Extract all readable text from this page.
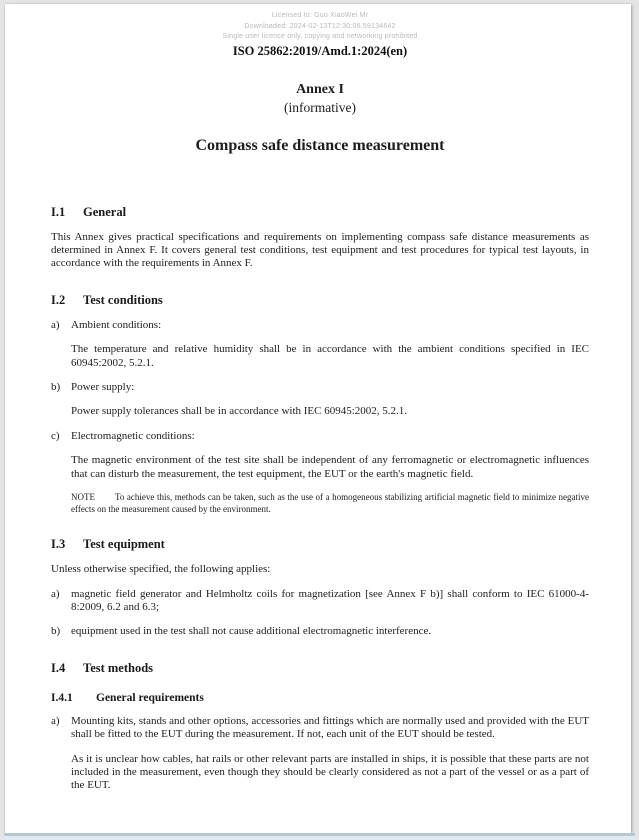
Licensed to: Guo XiaoWei Mr
Downloaded: 2024-02-13T12:30:06.59134642
Single user licence only, copying and networking prohibited
ISO 25862:2019/Amd.1:2024(en)
Annex I
(informative)
Compass safe distance measurement
I.1 General

This Annex gives practical specifications and requirements on implementing compass safe distance measurements as determined in Annex F. It covers general test conditions, test equipment and test procedures for typical test layouts, in accordance with the requirements in Annex F.

I.2 Test conditions
a)	Ambient conditions:

The temperature and relative humidity shall be in accordance with the ambient conditions specified in IEC 60945:2002, 5.2.1.

b) Power supply:

Power supply tolerances shall be in accordance with IEC 60945:2002, 5.2.1.

c)	Electromagnetic conditions:

The magnetic environment of the test site shall be independent of any ferromagnetic or electromagnetic influences that can disturb the measurement, the test equipment, the EUT or the earth's magnetic field.

NOTE To achieve this, methods can be taken, such as the use of a homogeneous stabilizing artificial magnetic field to minimize negative effects on the measurement caused by the environment.

I.3 Test equipment

Unless otherwise specified, the following applies:

a)	magnetic field generator and Helmholtz coils for magnetization [see Annex F b)] shall conform to IEC 61000-4-8:2009, 6.2 and 6.3;
b) equipment used in the test shall not cause additional electromagnetic interference.
I.4 Test methods
I.4.1 General requirements
a)	Mounting kits, stands and other options, accessories and fittings which are normally used and provided with the EUT shall be fitted to the EUT during the measurement. If not, each unit of the EUT should be tested.

As it is unclear how cables, hat rails or other relevant parts are installed in ships, it is possible that these parts are not included in the measurement, even though they should be clearly considered as not a part of the vessel or as a part of the EUT.
